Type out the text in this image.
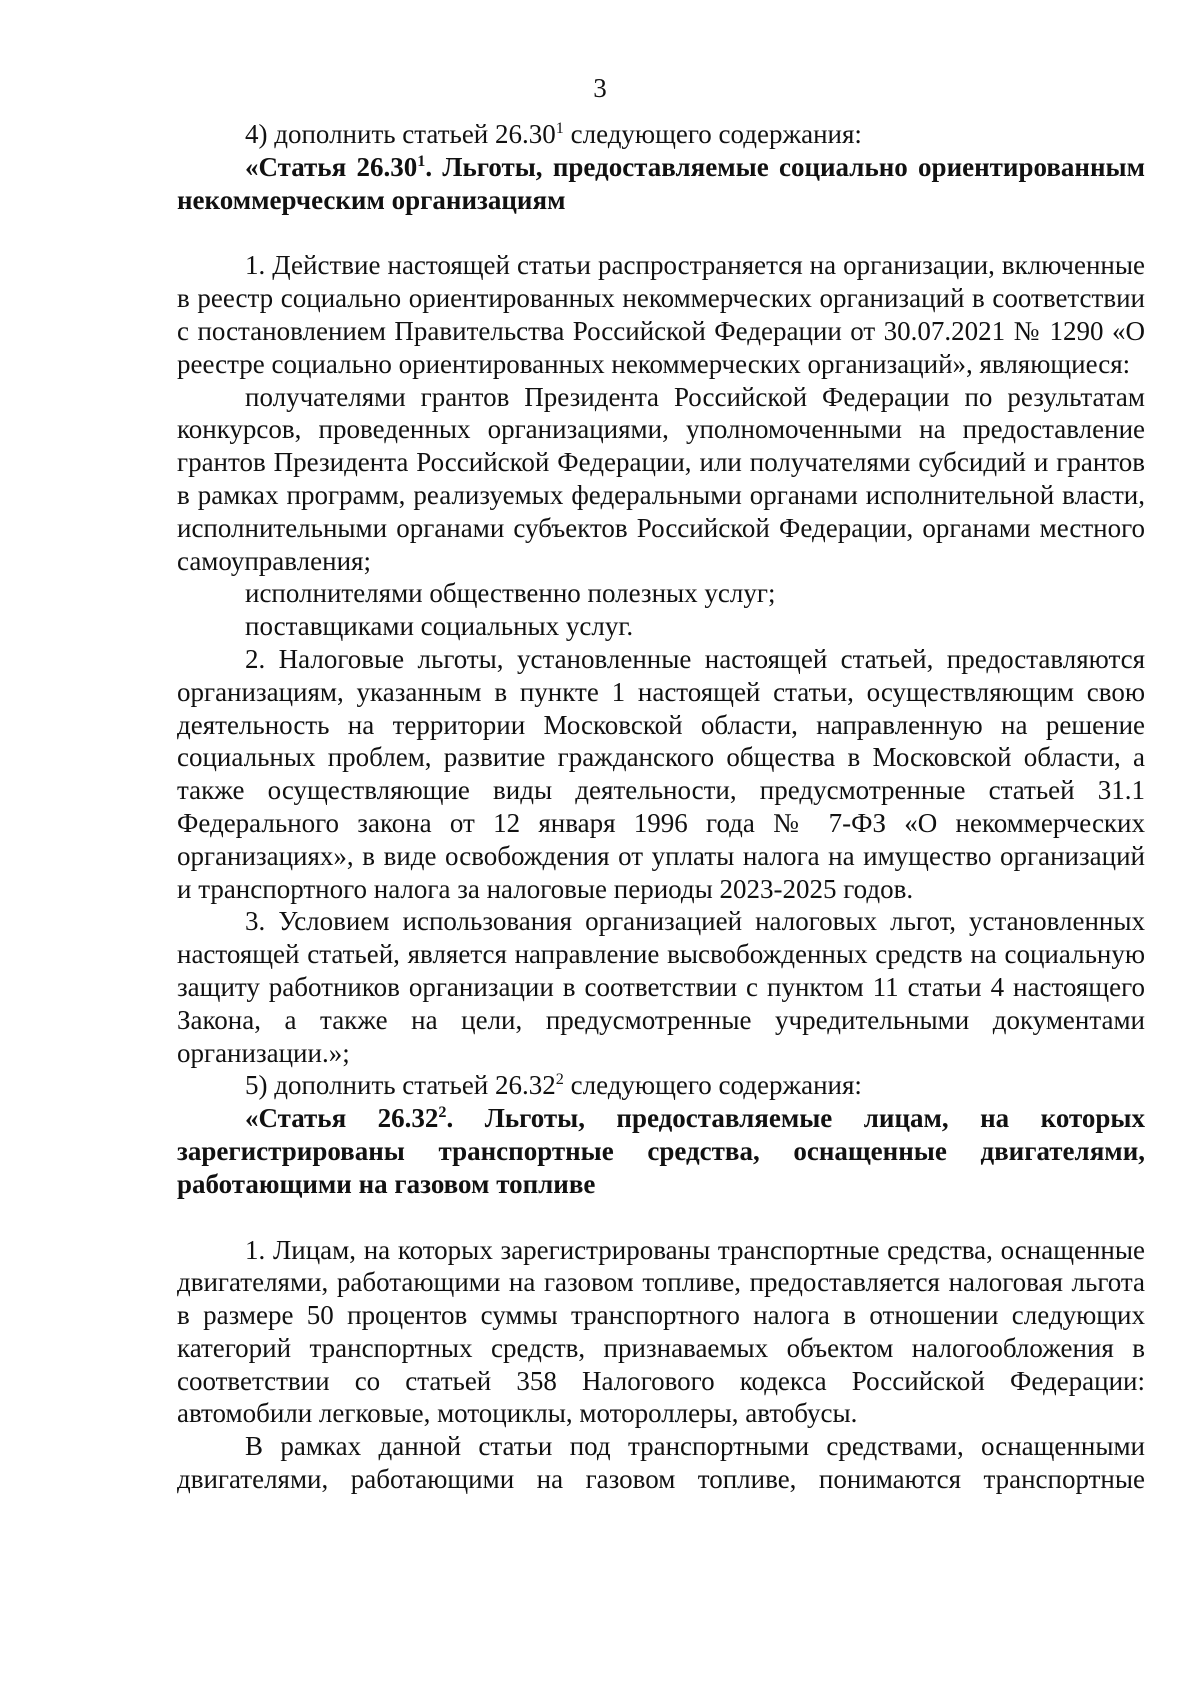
3

4) дополнить статьей 26.30$^1$ следующего содержания:

«Статья 26.30$^1$. Льготы, предоставляемые социально ориентированным некоммерческим организациям

1. Действие настоящей статьи распространяется на организации, включенные в реестр социально ориентированных некоммерческих организаций в соответствии с постановлением Правительства Российской Федерации от 30.07.2021 № 1290 «О реестре социально ориентированных некоммерческих организаций», являющиеся:

получателями грантов Президента Российской Федерации по результатам конкурсов, проведенных организациями, уполномоченными на предоставление грантов Президента Российской Федерации, или получателями субсидий и грантов в рамках программ, реализуемых федеральными органами исполнительной власти, исполнительными органами субъектов Российской Федерации, органами местного самоуправления;

исполнителями общественно полезных услуг;

поставщиками социальных услуг.

2. Налоговые льготы, установленные настоящей статьей, предоставляются организациям, указанным в пункте 1 настоящей статьи, осуществляющим свою деятельность на территории Московской области, направленную на решение социальных проблем, развитие гражданского общества в Московской области, а также осуществляющие виды деятельности, предусмотренные статьей 31.1 Федерального закона от 12 января 1996 года № 7-ФЗ «О некоммерческих организациях», в виде освобождения от уплаты налога на имущество организаций и транспортного налога за налоговые периоды 2023-2025 годов.

3. Условием использования организацией налоговых льгот, установленных настоящей статьей, является направление высвобожденных средств на социальную защиту работников организации в соответствии с пунктом 11 статьи 4 настоящего Закона, а также на цели, предусмотренные учредительными документами организации.»;

5) дополнить статьей 26.32$^2$ следующего содержания:

«Статья 26.32$^2$. Льготы, предоставляемые лицам, на которых зарегистрированы транспортные средства, оснащенные двигателями, работающими на газовом топливе

1. Лицам, на которых зарегистрированы транспортные средства, оснащенные двигателями, работающими на газовом топливе, предоставляется налоговая льгота в размере 50 процентов суммы транспортного налога в отношении следующих категорий транспортных средств, признаваемых объектом налогообложения в соответствии со статьей 358 Налогового кодекса Российской Федерации: автомобили легковые, мотоциклы, мотороллеры, автобусы.

В рамках данной статьи под транспортными средствами, оснащенными двигателями, работающими на газовом топливе, понимаются транспортные
